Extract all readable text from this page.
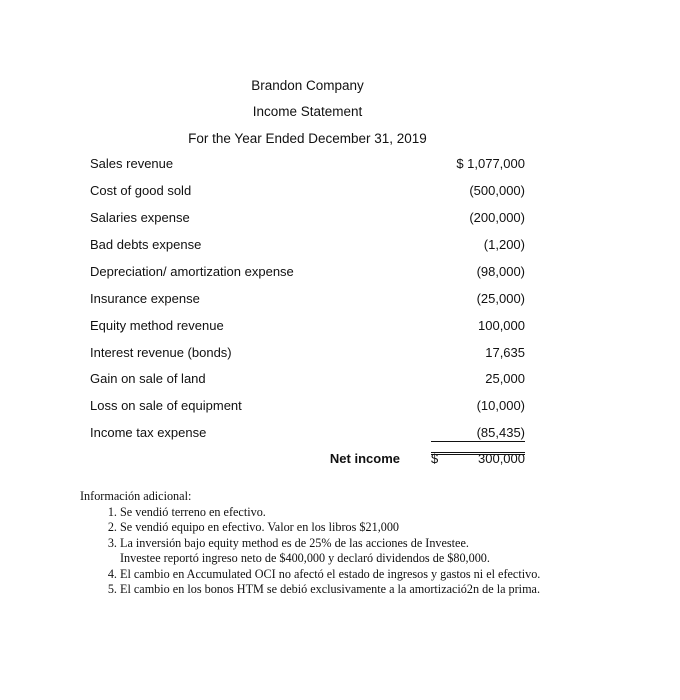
Brandon Company
Income Statement
For the Year Ended December 31, 2019
Sales revenue	$ 1,077,000
Cost of good sold	(500,000)
Salaries expense	(200,000)
Bad debts expense	(1,200)
Depreciation/ amortization expense	(98,000)
Insurance expense	(25,000)
Equity method revenue	100,000
Interest revenue (bonds)	17,635
Gain on sale of land	25,000
Loss on sale of equipment	(10,000)
Income tax expense	(85,435)
Net income $	300,000
Información adicional:
1. Se vendió terreno en efectivo.
2. Se vendió equipo en efectivo. Valor en los libros $21,000
3. La inversión bajo equity method es de 25% de las acciones de Investee.
Investee reportó ingreso neto de $400,000 y declaró dividendos de $80,000.
4. El cambio en Accumulated OCI no afectó el estado de ingresos y gastos ni el efectivo.
5. El cambio en los bonos HTM se debió exclusivamente a la amortizació2n de la prima.
